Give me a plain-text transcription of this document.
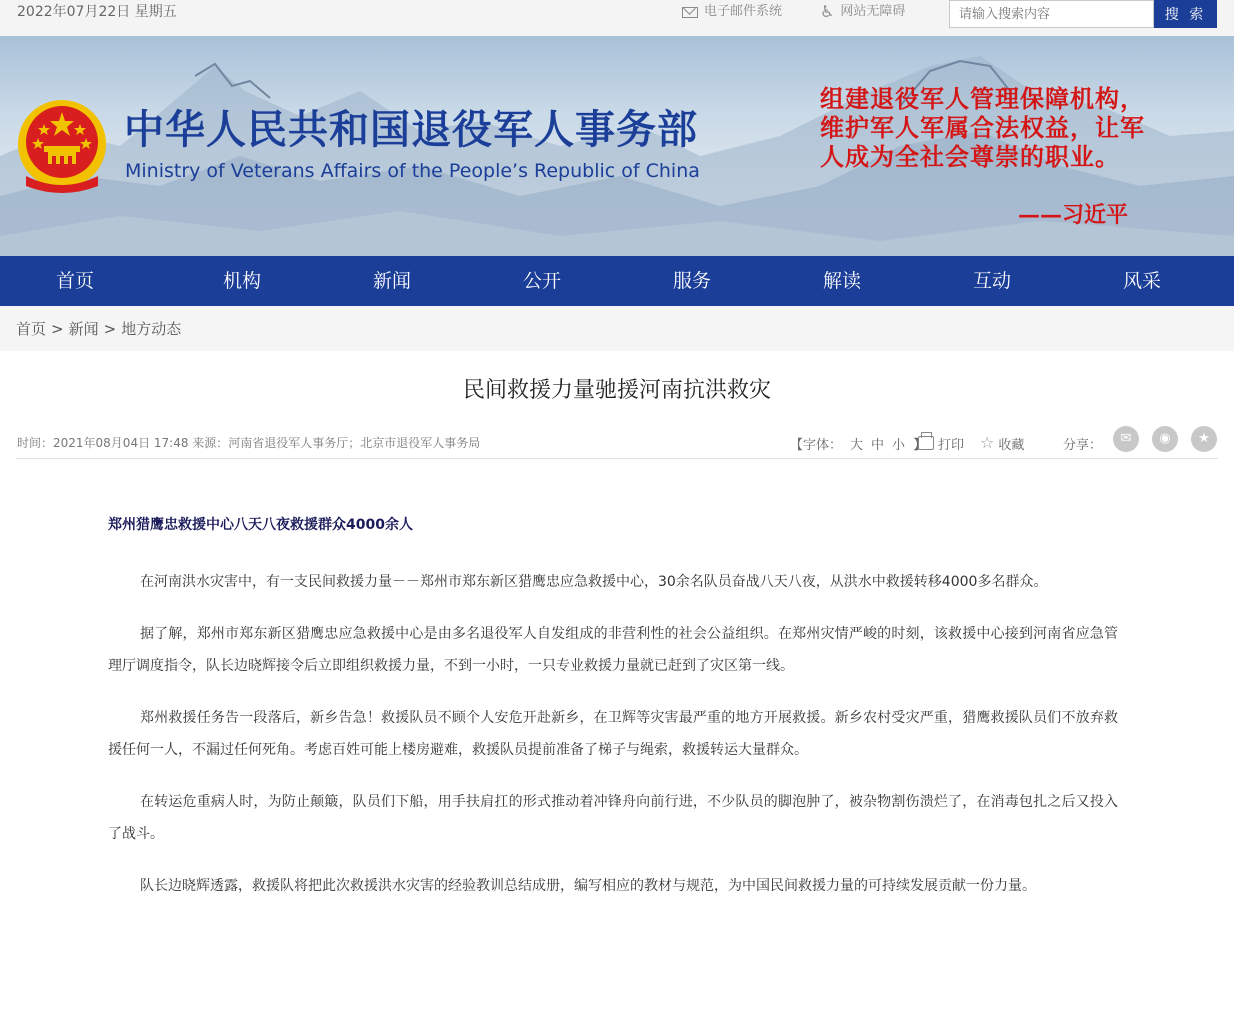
2022年07月22日 星期五	电子邮件系统 ♿ 网站无障碍
请输入搜索内容	搜 索
中华人民共和国退役军人事务部
Ministry of Veterans Affairs of the People’s Republic of China
组建退役军人管理保障机构，维护军人军属合法权益，让军人成为全社会尊崇的职业。
——习近平
首页	机构	新闻	公开	服务	解读	互动	风采
首页 > 新闻 > 地方动态
民间救援力量驰援河南抗洪救灾
时间：2021年08月04日 17:48 来源：河南省退役军人事务厅；北京市退役军人事务局	【字体： 大 中 小 】 打印 ☆ 收藏	分享：	✉	◉	★

郑州猎鹰忠救援中心八天八夜救援群众4000余人

在河南洪水灾害中，有一支民间救援力量－－郑州市郑东新区猎鹰忠应急救援中心，30余名队员奋战八天八夜，从洪水中救援转移4000多名群众。

据了解，郑州市郑东新区猎鹰忠应急救援中心是由多名退役军人自发组成的非营利性的社会公益组织。在郑州灾情严峻的时刻，该救援中心接到河南省应急管理厅调度指令，队长边晓辉接令后立即组织救援力量，不到一小时，一只专业救援力量就已赶到了灾区第一线。

郑州救援任务告一段落后，新乡告急！救援队员不顾个人安危开赴新乡，在卫辉等灾害最严重的地方开展救援。新乡农村受灾严重，猎鹰救援队员们不放弃救援任何一人，不漏过任何死角。考虑百姓可能上楼房避难，救援队员提前准备了梯子与绳索，救援转运大量群众。

在转运危重病人时，为防止颠簸，队员们下船，用手扶肩扛的形式推动着冲锋舟向前行进，不少队员的脚泡肿了，被杂物割伤溃烂了，在消毒包扎之后又投入了战斗。

队长边晓辉透露，救援队将把此次救援洪水灾害的经验教训总结成册，编写相应的教材与规范，为中国民间救援力量的可持续发展贡献一份力量。
